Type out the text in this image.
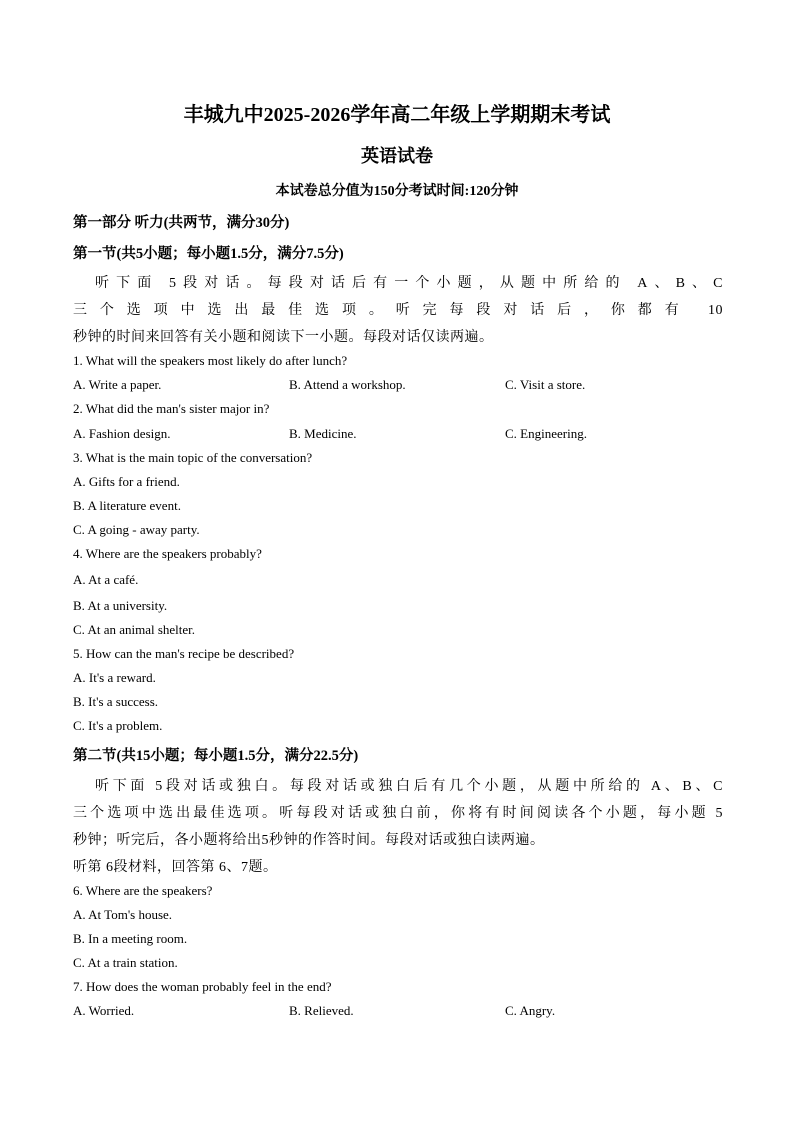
丰城九中2025-2026学年高二年级上学期期末考试
英语试卷
本试卷总分值为150分考试时间:120分钟
第一部分 听力(共两节，满分30分)
第一节(共5小题；每小题1.5分，满分7.5分)
听下面 5段对话。每段对话后有一个小题，从题中所给的 A、B、C
三个选项中选出最佳选项。听完每段对话后，你都有 10
秒钟的时间来回答有关小题和阅读下一小题。每段对话仅读两遍。
1. What will the speakers most likely do after lunch?
A. Write a paper.	B. Attend a workshop.	C. Visit a store.
2. What did the man's sister major in?
A. Fashion design.	B. Medicine.	C. Engineering.
3. What is the main topic of the conversation?
A. Gifts for a friend.
B. A literature event.
C. A going - away party.
4. Where are the speakers probably?
A. At a café.
B. At a university.
C. At an animal shelter.
5. How can the man's recipe be described?
A. It's a reward.
B. It's a success.
C. It's a problem.
第二节(共15小题；每小题1.5分，满分22.5分)
听下面 5段对话或独白。每段对话或独白后有几个小题，从题中所给的 A、B、C
三个选项中选出最佳选项。听每段对话或独白前，你将有时间阅读各个小题，每小题 5
秒钟；听完后，各小题将给出5秒钟的作答时间。每段对话或独白读两遍。
听第 6段材料，回答第 6、7题。
6. Where are the speakers?
A. At Tom's house.
B. In a meeting room.
C. At a train station.
7. How does the woman probably feel in the end?
A. Worried.	B. Relieved.	C. Angry.
